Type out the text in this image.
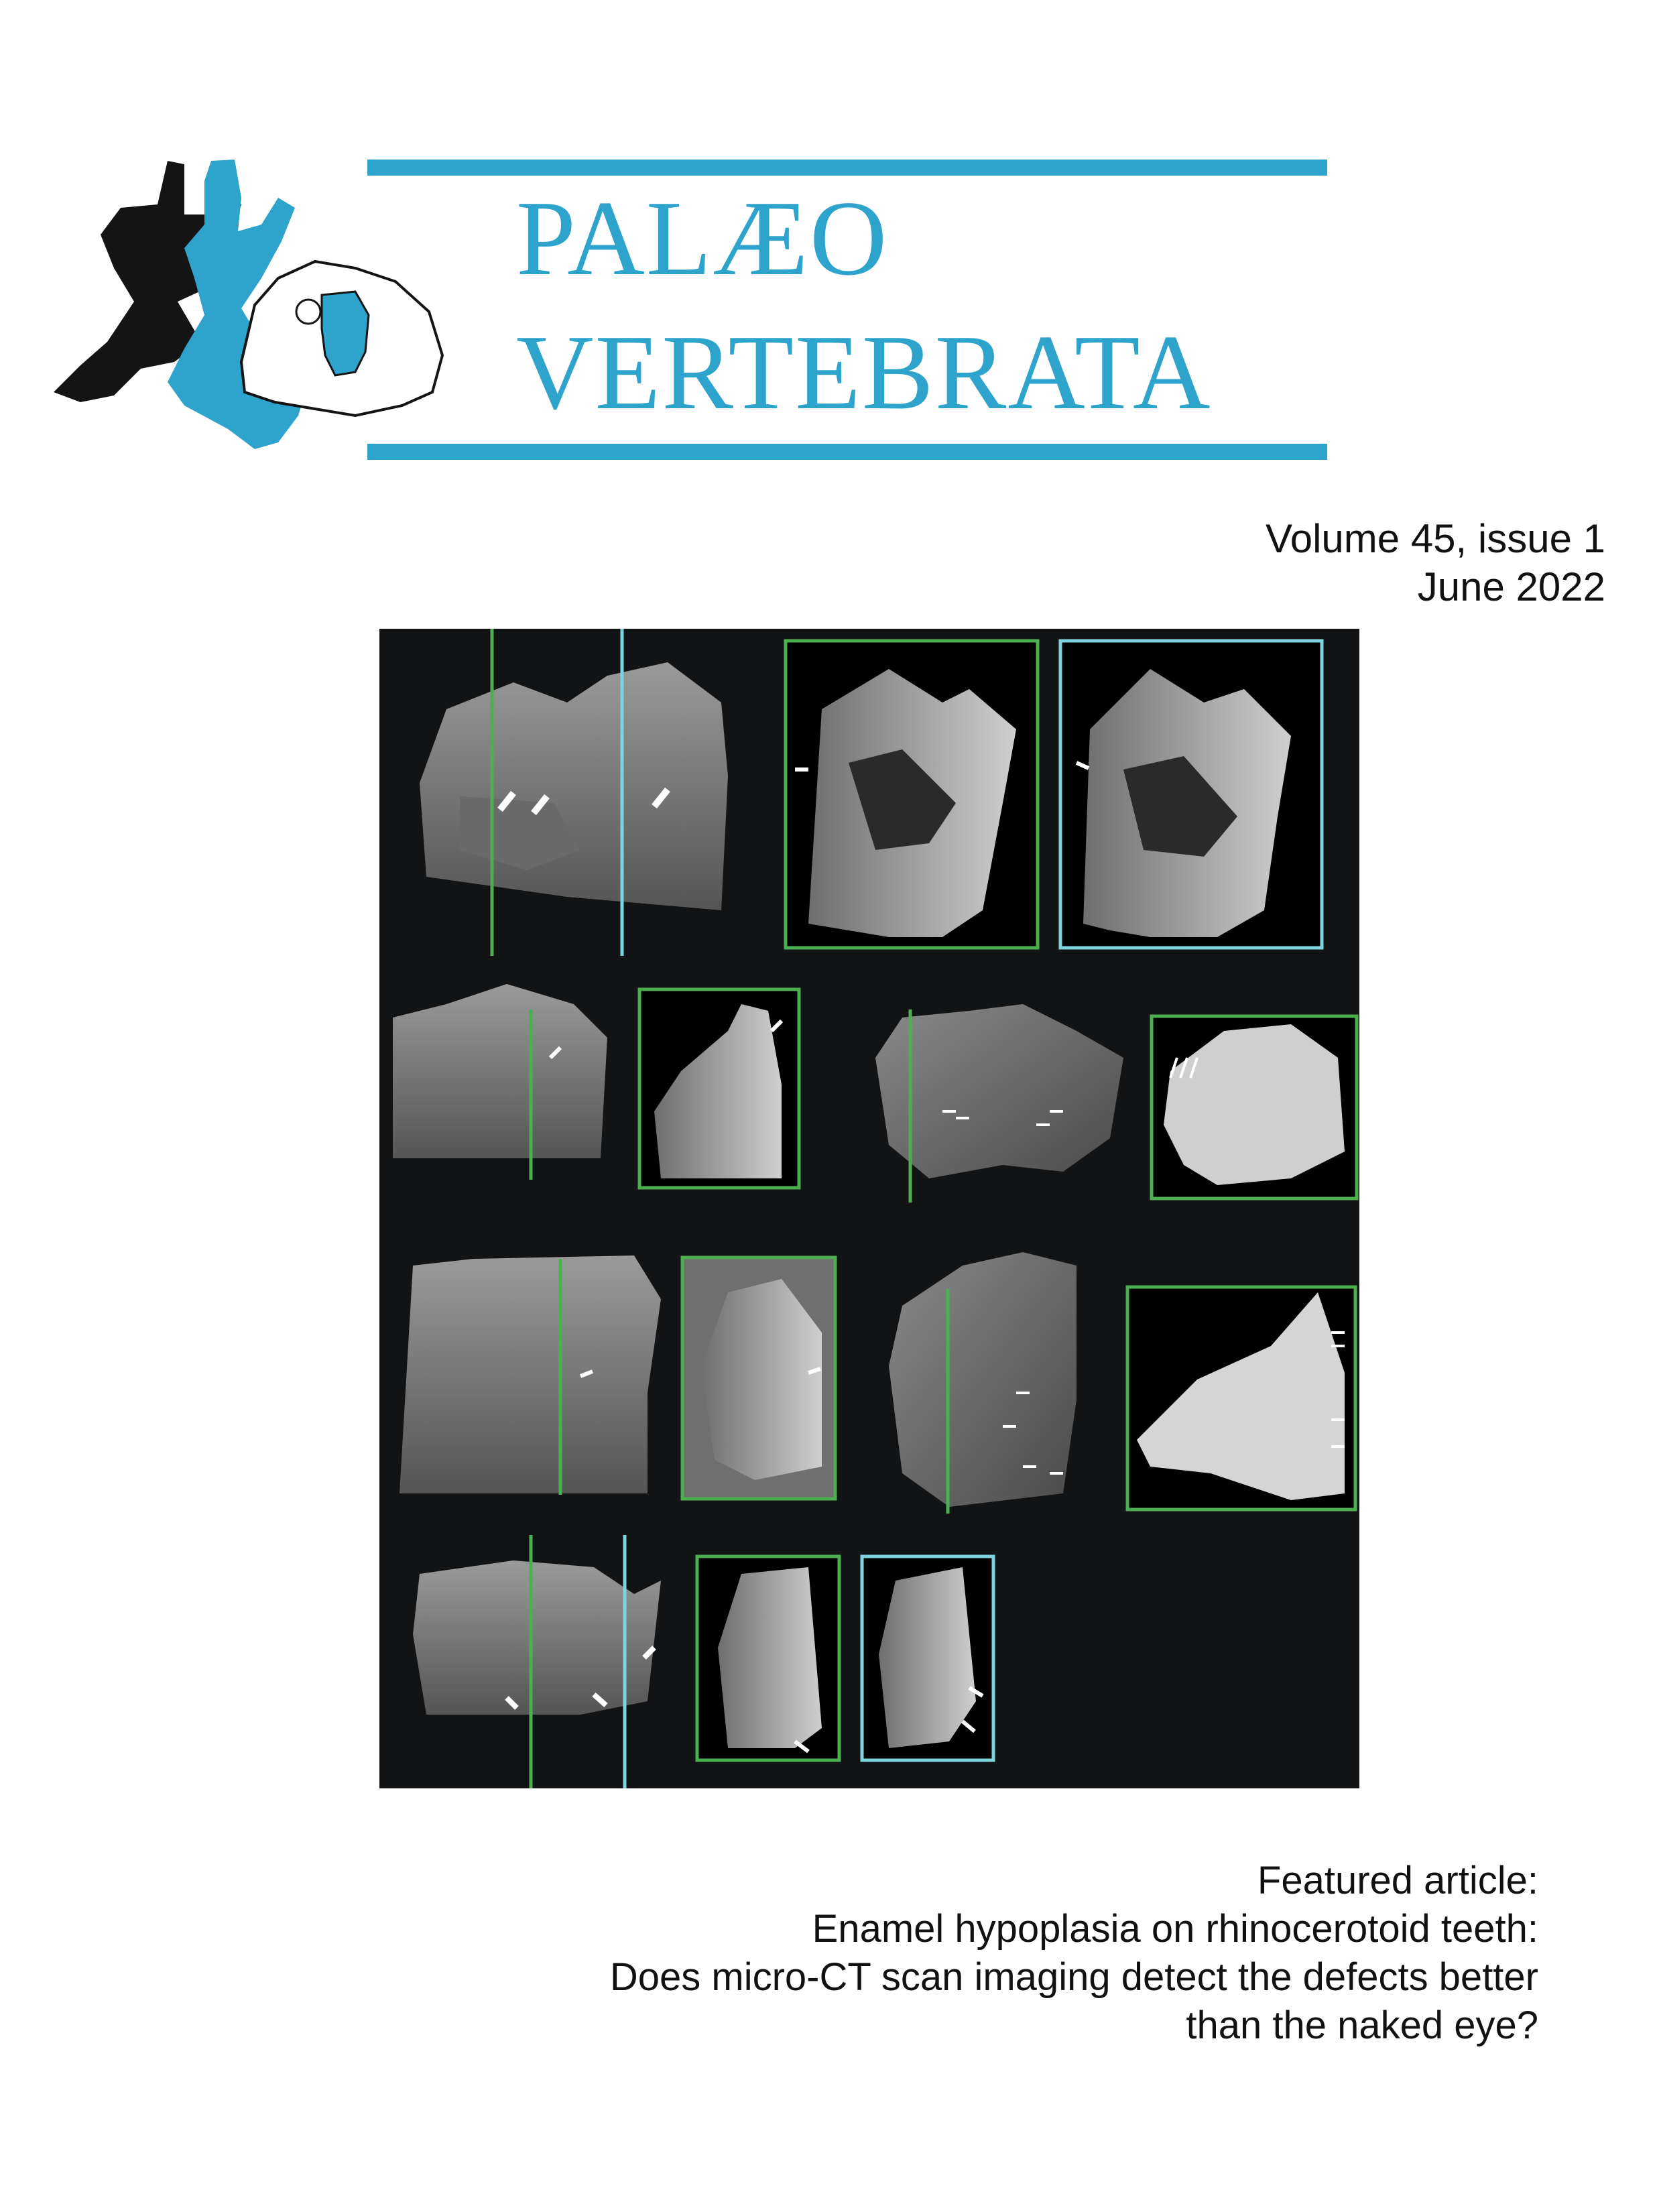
PALÆO
VERTEBRATA
Volume 45, issue 1
June 2022
Featured article:
Enamel hypoplasia on rhinocerotoid teeth:
Does micro-CT scan imaging detect the defects better
than the naked eye?
